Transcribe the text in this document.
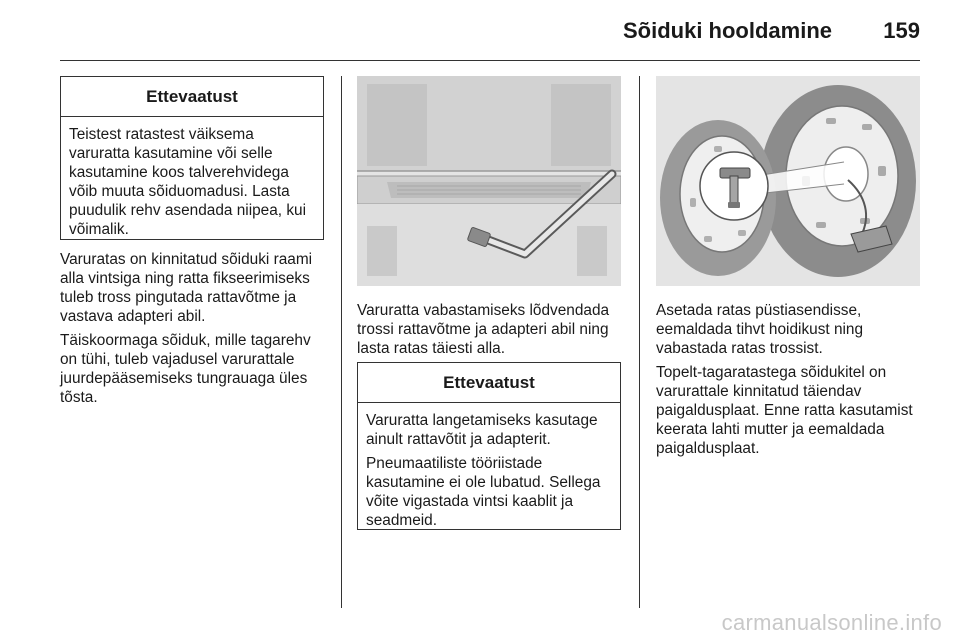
Sõiduki hooldamine 159
Ettevaatust

Teistest ratastest väiksema varuratta kasutamine või selle kasutamine koos talverehvidega võib muuta sõiduomadusi. Lasta puudulik rehv asendada niipea, kui võimalik.

Varuratas on kinnitatud sõiduki raami alla vintsiga ning ratta fikseerimiseks tuleb tross pingutada rattavõtme ja vastava adapteri abil.
Täiskoormaga sõiduk, mille tagarehv on tühi, tuleb vajadusel varurattale juurdepääsemiseks tungrauaga üles tõsta.
Varuratta vabastamiseks lõdvendada trossi rattavõtme ja adapteri abil ning lasta ratas täiesti alla.
Ettevaatust

Varuratta langetamiseks kasutage ainult rattavõtit ja adapterit.

Pneumaatiliste tööriistade kasutamine ei ole lubatud. Sellega võite vigastada vintsi kaablit ja seadmeid.

Asetada ratas püstiasendisse, eemaldada tihvt hoidikust ning vabastada ratas trossist.
Topelt-tagaratastega sõidukitel on varurattale kinnitatud täiendav paigaldusplaat. Enne ratta kasutamist keerata lahti mutter ja eemaldada paigaldusplaat.
carmanualsonline.info
